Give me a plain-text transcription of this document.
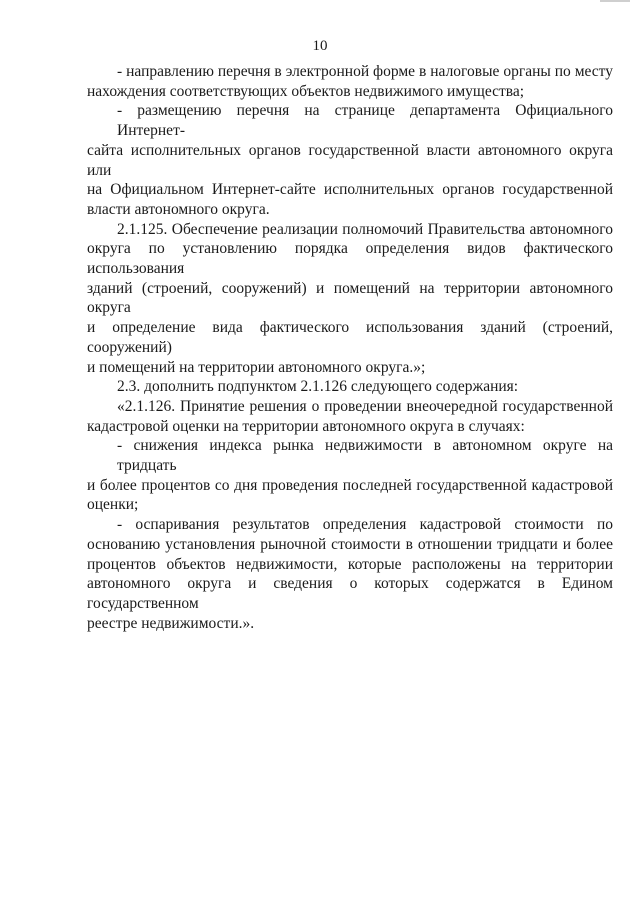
10
- направлению перечня в электронной форме в налоговые органы по месту
нахождения соответствующих объектов недвижимого имущества;
- размещению перечня на странице департамента Официального Интернет-
сайта исполнительных органов государственной власти автономного округа или
на Официальном Интернет-сайте исполнительных органов государственной
власти автономного округа.
2.1.125. Обеспечение реализации полномочий Правительства автономного
округа по установлению порядка определения видов фактического использования
зданий (строений, сооружений) и помещений на территории автономного округа
и определение вида фактического использования зданий (строений, сооружений)
и помещений на территории автономного округа.»;
2.3. дополнить подпунктом 2.1.126 следующего содержания:
«2.1.126. Принятие решения о проведении внеочередной государственной
кадастровой оценки на территории автономного округа в случаях:
- снижения индекса рынка недвижимости в автономном округе на тридцать
и более процентов со дня проведения последней государственной кадастровой
оценки;
- оспаривания результатов определения кадастровой стоимости по
основанию установления рыночной стоимости в отношении тридцати и более
процентов объектов недвижимости, которые расположены на территории
автономного округа и сведения о которых содержатся в Едином государственном
реестре недвижимости.».
